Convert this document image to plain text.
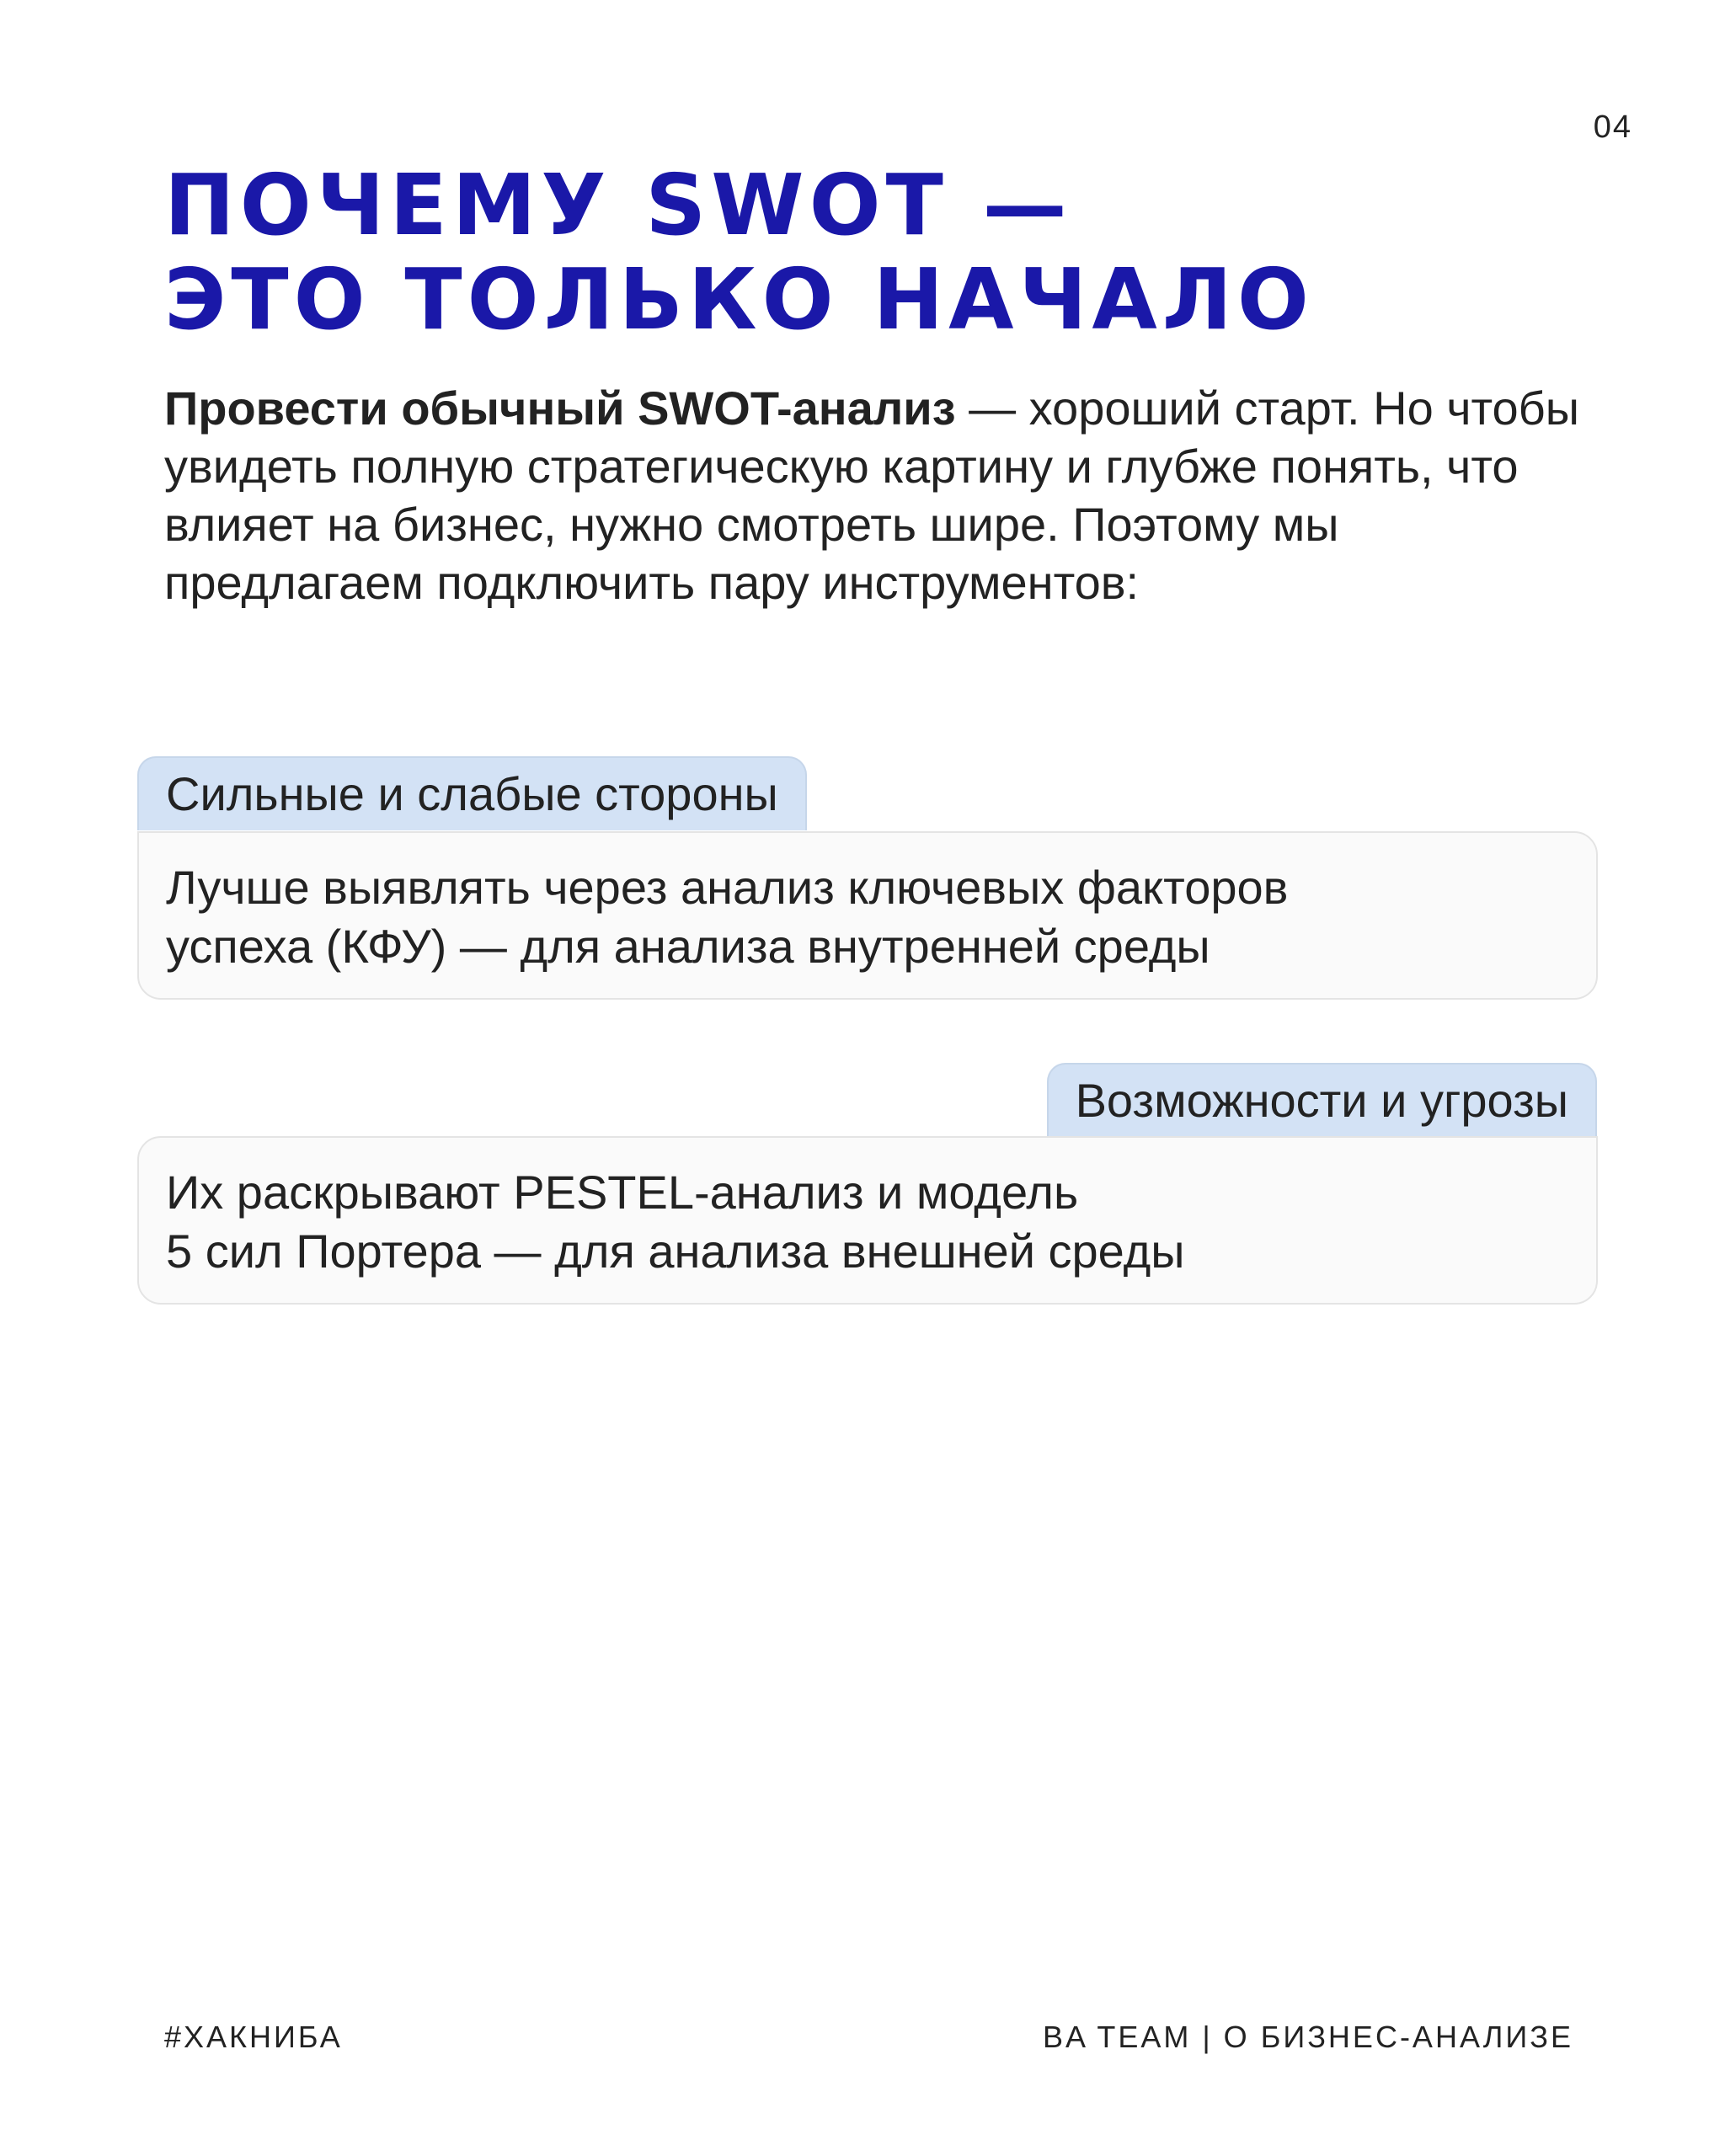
04
ПОЧЕМУ SWOT —
ЭТО ТОЛЬКО НАЧАЛО
Провести обычный SWOT-анализ — хороший старт. Но чтобы увидеть полную стратегическую картину и глубже понять, что влияет на бизнес, нужно смотреть шире. Поэтому мы предлагаем подключить пару инструментов:
Сильные и слабые стороны
Лучше выявлять через анализ ключевых факторов
успеха (КФУ) — для анализа внутренней среды
Возможности и угрозы
Их раскрывают PESTEL-анализ и модель
5 сил Портера — для анализа внешней среды
#ХАКНИБА	BA TEAM | О БИЗНЕС-АНАЛИЗЕ
